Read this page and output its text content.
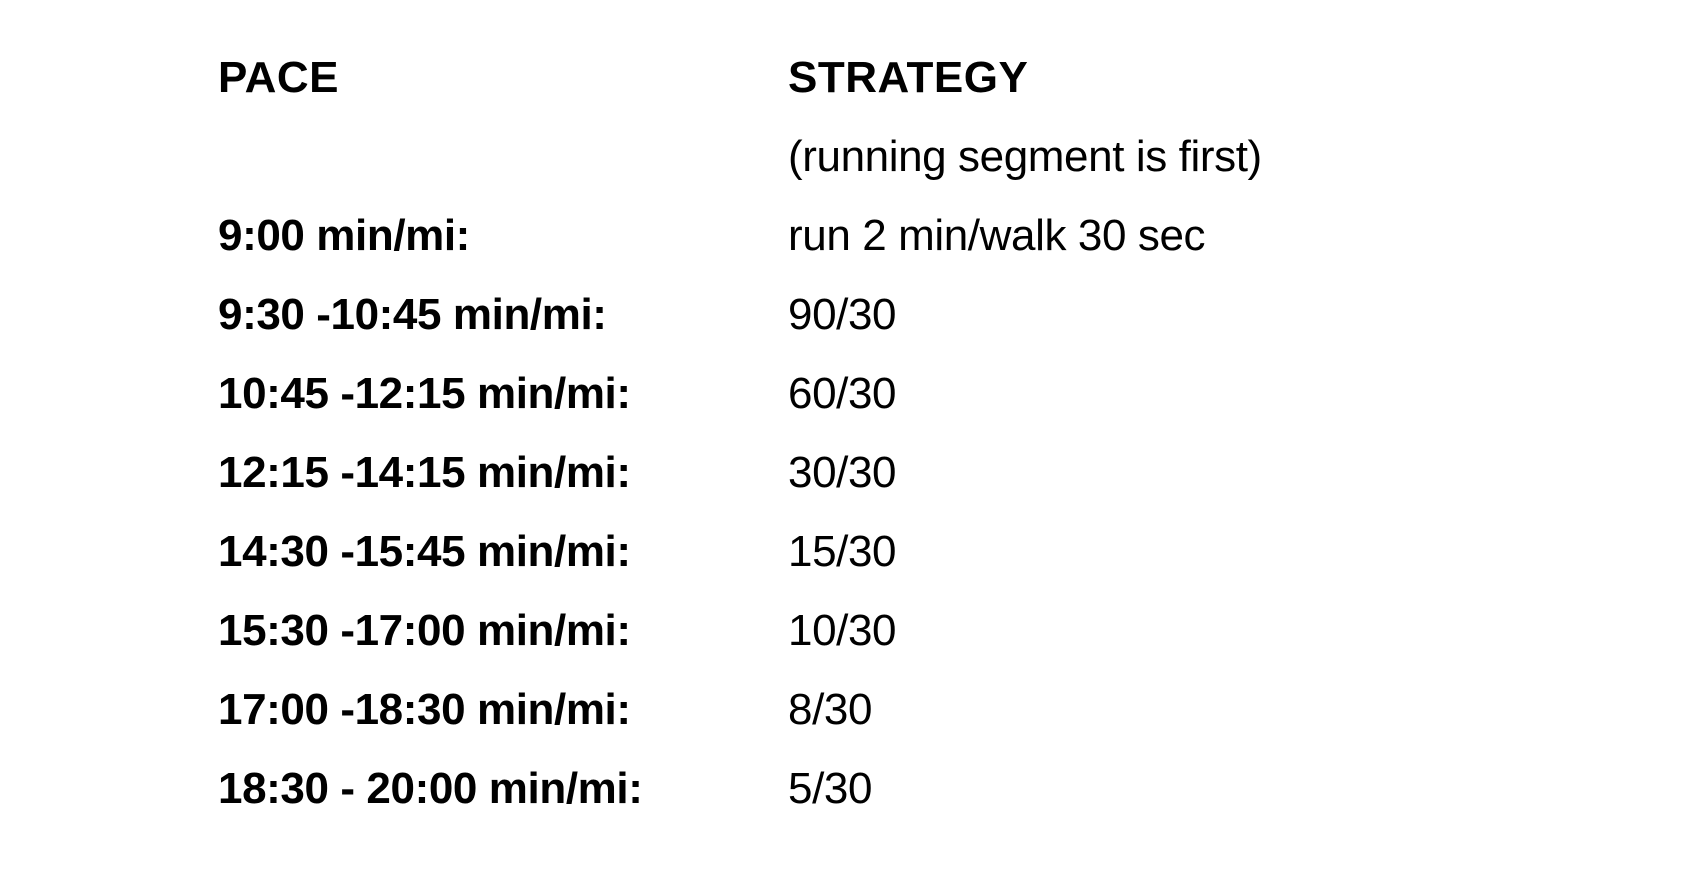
PACE	STRATEGY
(running segment is first)
9:00 min/mi:	run 2 min/walk 30 sec
9:30 -10:45 min/mi:	90/30
10:45 -12:15 min/mi:	60/30
12:15 -14:15 min/mi:	30/30
14:30 -15:45 min/mi:	15/30
15:30 -17:00 min/mi:	10/30
17:00 -18:30 min/mi:	8/30
18:30 - 20:00 min/mi:	5/30
